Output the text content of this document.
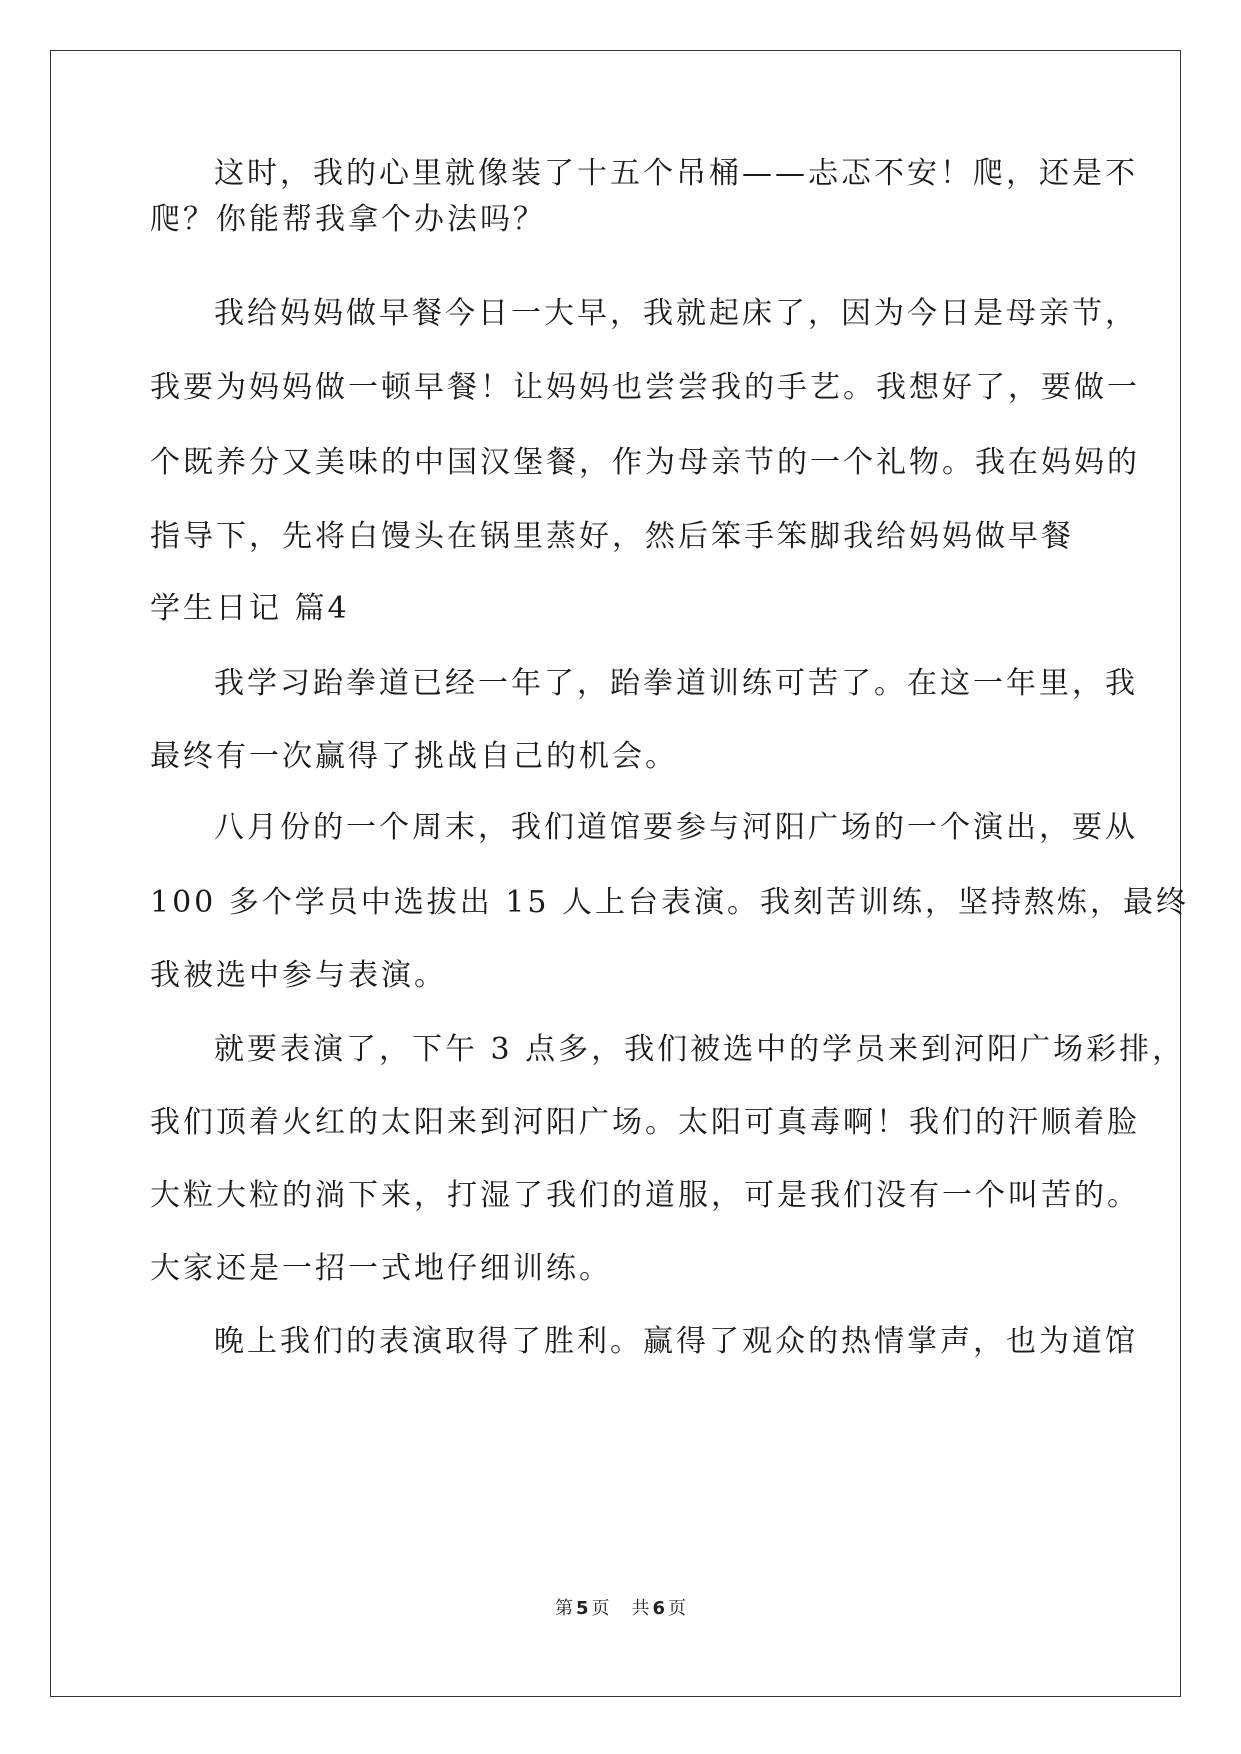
这时，我的心里就像装了十五个吊桶——忐忑不安！爬，还是不
爬？你能帮我拿个办法吗？
我给妈妈做早餐今日一大早，我就起床了，因为今日是母亲节，
我要为妈妈做一顿早餐！让妈妈也尝尝我的手艺。我想好了，要做一
个既养分又美味的中国汉堡餐，作为母亲节的一个礼物。我在妈妈的
指导下，先将白馒头在锅里蒸好，然后笨手笨脚我给妈妈做早餐
学生日记 篇4
我学习跆拳道已经一年了，跆拳道训练可苦了。在这一年里，我
最终有一次赢得了挑战自己的机会。
八月份的一个周末，我们道馆要参与河阳广场的一个演出，要从
100 多个学员中选拔出 15 人上台表演。我刻苦训练，坚持熬炼，最终
我被选中参与表演。
就要表演了，下午 3 点多，我们被选中的学员来到河阳广场彩排，
我们顶着火红的太阳来到河阳广场。太阳可真毒啊！我们的汗顺着脸
大粒大粒的淌下来，打湿了我们的道服，可是我们没有一个叫苦的。
大家还是一招一式地仔细训练。
晚上我们的表演取得了胜利。赢得了观众的热情掌声，也为道馆
第 5 页 共 6 页
